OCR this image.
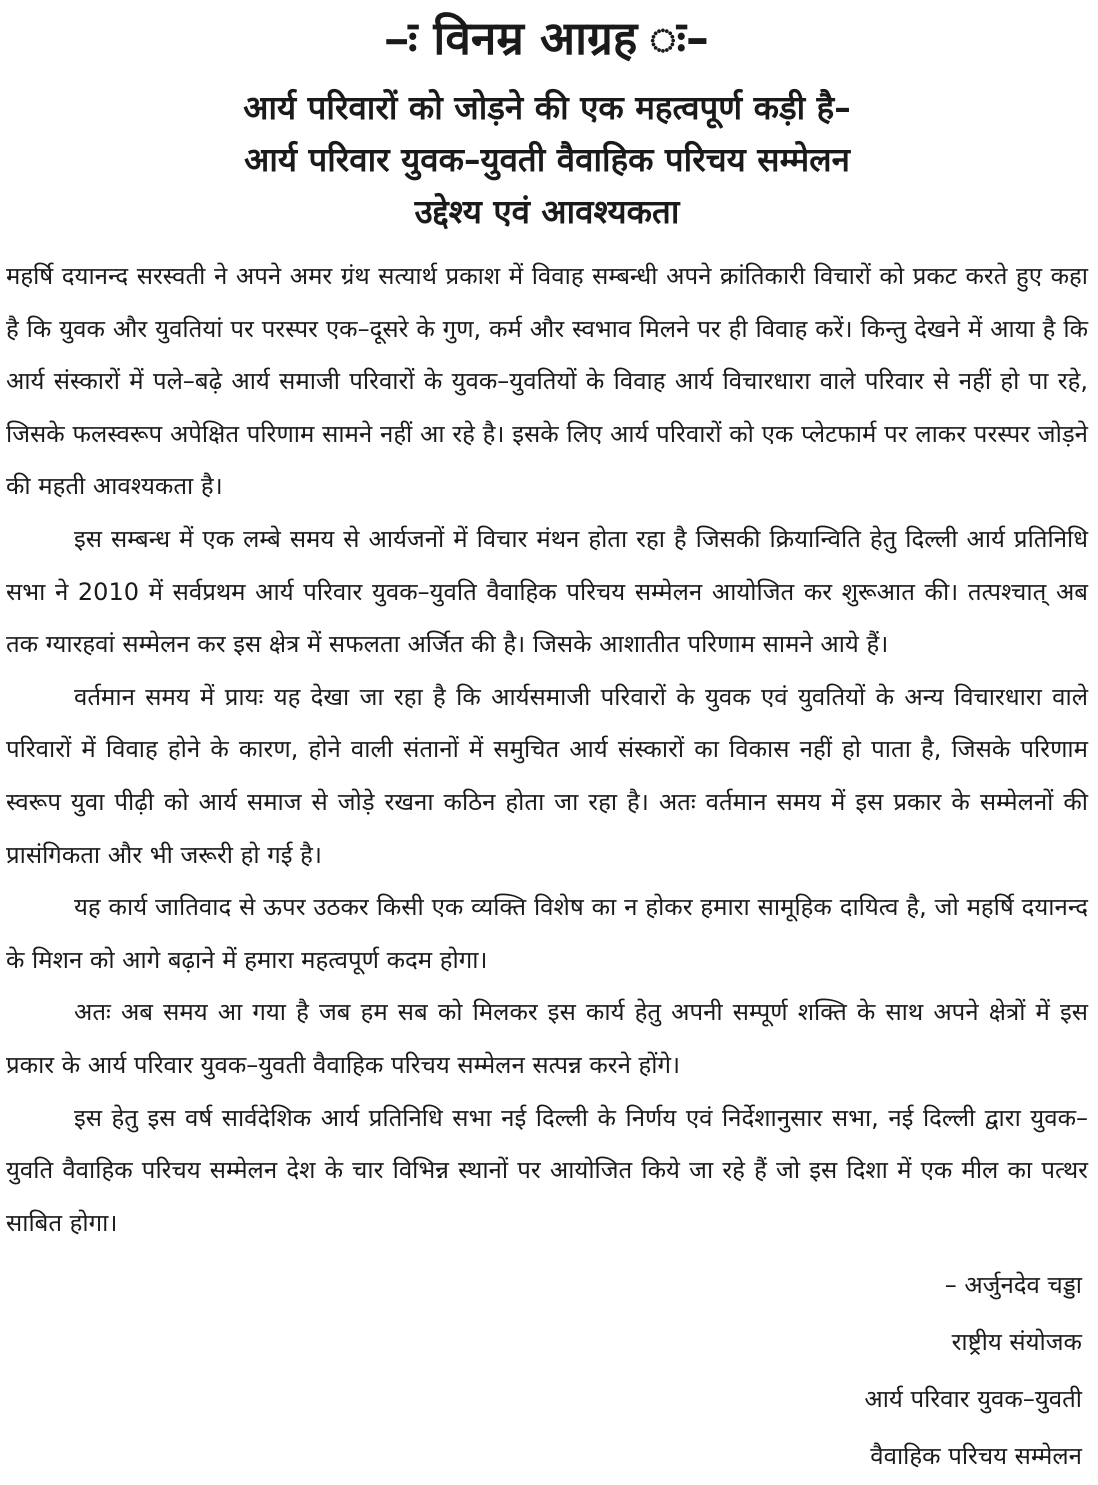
–ः विनम्र आग्रह ः–
आर्य परिवारों को जोड़ने की एक महत्वपूर्ण कड़ी है–
आर्य परिवार युवक–युवती वैवाहिक परिचय सम्मेलन
उद्देश्य एवं आवश्यकता

महर्षि दयानन्द सरस्वती ने अपने अमर ग्रंथ सत्यार्थ प्रकाश में विवाह सम्बन्धी अपने क्रांतिकारी विचारों को प्रकट करते हुए कहा है कि युवक और युवतियां पर परस्पर एक–दूसरे के गुण, कर्म और स्वभाव मिलने पर ही विवाह करें। किन्तु देखने में आया है कि आर्य संस्कारों में पले–बढ़े आर्य समाजी परिवारों के युवक–युवतियों के विवाह आर्य विचारधारा वाले परिवार से नहीं हो पा रहे, जिसके फलस्वरूप अपेक्षित परिणाम सामने नहीं आ रहे है। इसके लिए आर्य परिवारों को एक प्लेटफार्म पर लाकर परस्पर जोड़ने की महती आवश्यकता है।

इस सम्बन्ध में एक लम्बे समय से आर्यजनों में विचार मंथन होता रहा है जिसकी क्रियान्विति हेतु दिल्ली आर्य प्रतिनिधि सभा ने 2010 में सर्वप्रथम आर्य परिवार युवक–युवति वैवाहिक परिचय सम्मेलन आयोजित कर शुरूआत की। तत्पश्चात् अब तक ग्यारहवां सम्मेलन कर इस क्षेत्र में सफलता अर्जित की है। जिसके आशातीत परिणाम सामने आये हैं।

वर्तमान समय में प्रायः यह देखा जा रहा है कि आर्यसमाजी परिवारों के युवक एवं युवतियों के अन्य विचारधारा वाले परिवारों में विवाह होने के कारण, होने वाली संतानों में समुचित आर्य संस्कारों का विकास नहीं हो पाता है, जिसके परिणाम स्वरूप युवा पीढ़ी को आर्य समाज से जोड़े रखना कठिन होता जा रहा है। अतः वर्तमान समय में इस प्रकार के सम्मेलनों की प्रासंगिकता और भी जरूरी हो गई है।

यह कार्य जातिवाद से ऊपर उठकर किसी एक व्यक्ति विशेष का न होकर हमारा सामूहिक दायित्व है, जो महर्षि दयानन्द के मिशन को आगे बढ़ाने में हमारा महत्वपूर्ण कदम होगा।

अतः अब समय आ गया है जब हम सब को मिलकर इस कार्य हेतु अपनी सम्पूर्ण शक्ति के साथ अपने क्षेत्रों में इस प्रकार के आर्य परिवार युवक–युवती वैवाहिक परिचय सम्मेलन सत्पन्न करने होंगे।

इस हेतु इस वर्ष सार्वदेशिक आर्य प्रतिनिधि सभा नई दिल्ली के निर्णय एवं निर्देशानुसार सभा, नई दिल्ली द्वारा युवक–युवति वैवाहिक परिचय सम्मेलन देश के चार विभिन्न स्थानों पर आयोजित किये जा रहे हैं जो इस दिशा में एक मील का पत्थर साबित होगा।

– अर्जुनदेव चड्डा
राष्ट्रीय संयोजक
आर्य परिवार युवक–युवती
वैवाहिक परिचय सम्मेलन
